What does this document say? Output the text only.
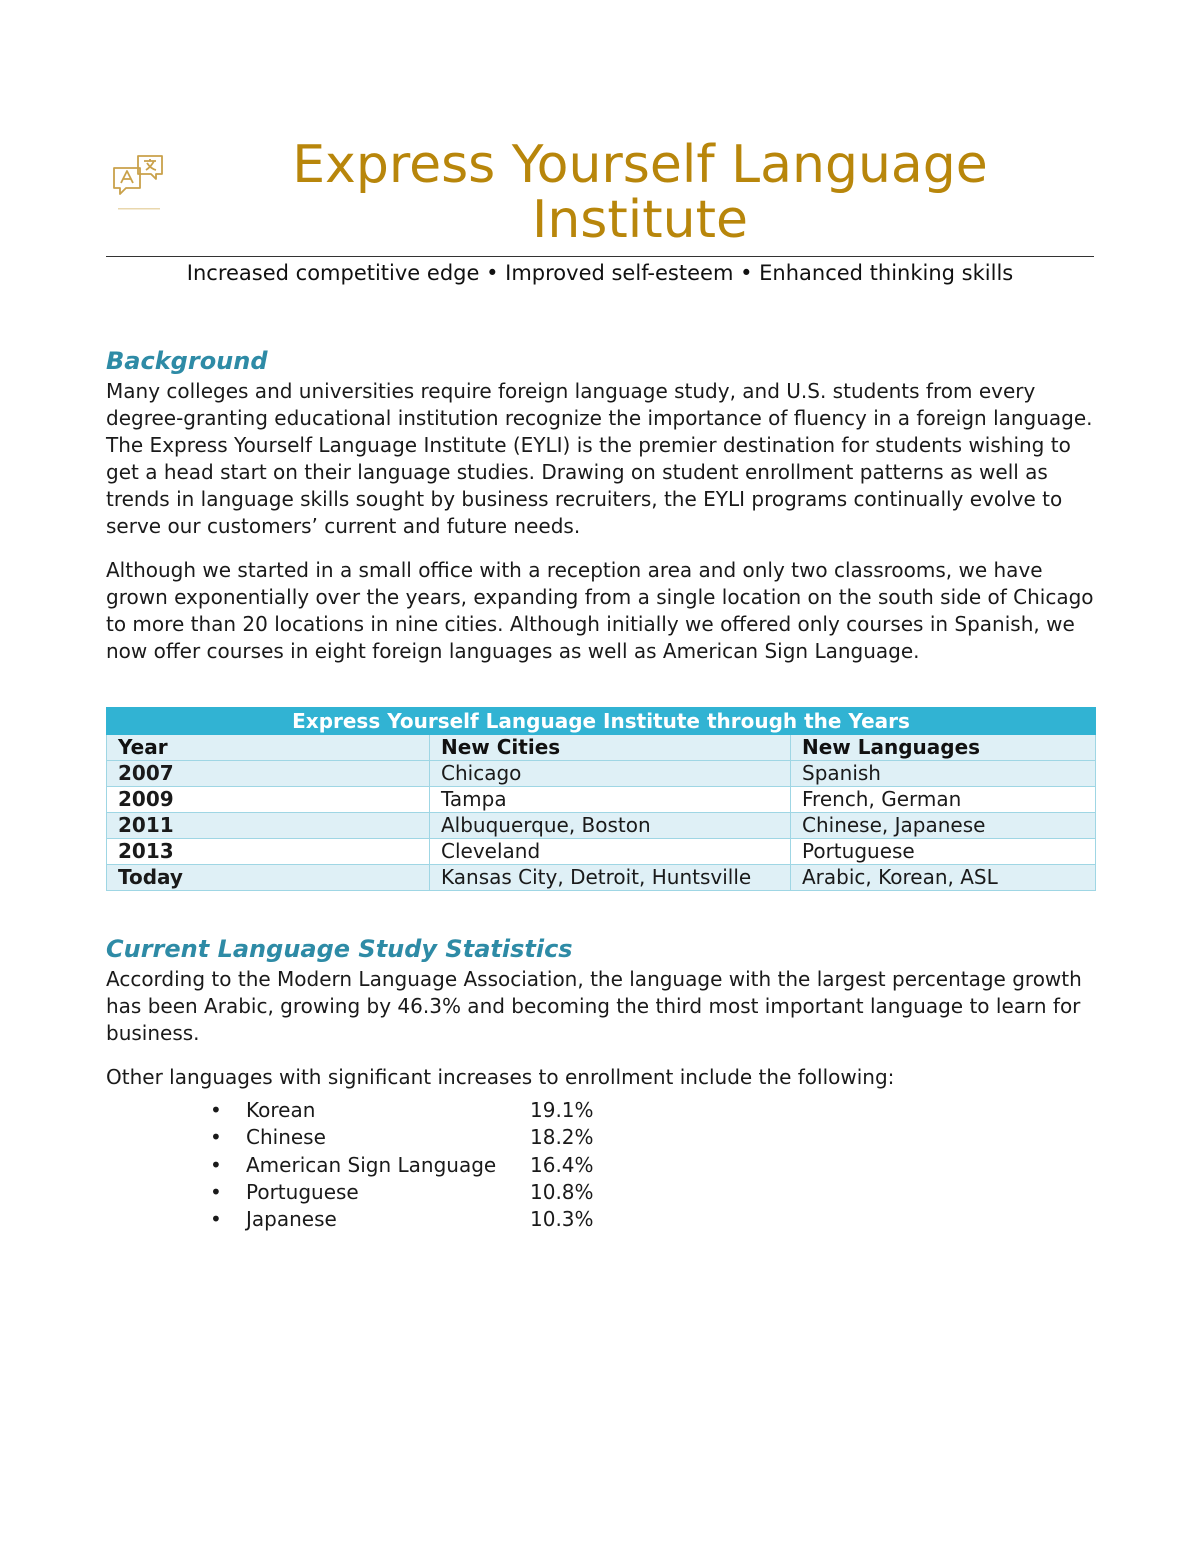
Express Yourself Language Institute
Increased competitive edge • Improved self-esteem • Enhanced thinking skills
Background

Many colleges and universities require foreign language study, and U.S. students from every degree-granting educational institution recognize the importance of fluency in a foreign language. The Express Yourself Language Institute (EYLI) is the premier destination for students wishing to get a head start on their language studies. Drawing on student enrollment patterns as well as trends in language skills sought by business recruiters, the EYLI programs continually evolve to serve our customers’ current and future needs.

Although we started in a small office with a reception area and only two classrooms, we have grown exponentially over the years, expanding from a single location on the south side of Chicago to more than 20 locations in nine cities. Although initially we offered only courses in Spanish, we now offer courses in eight foreign languages as well as American Sign Language.

Express Yourself Language Institute through the Years		
Year	New Cities	New Languages
2007	Chicago	Spanish
2009	Tampa	French, German
2011	Albuquerque, Boston	Chinese, Japanese
2013	Cleveland	Portuguese
Today	Kansas City, Detroit, Huntsville	Arabic, Korean, ASL
Current Language Study Statistics

According to the Modern Language Association, the language with the largest percentage growth has been Arabic, growing by 46.3% and becoming the third most important language to learn for business.

Other languages with significant increases to enrollment include the following:

•	Korean	19.1%
•	Chinese	18.2%
•	American Sign Language 16.4%
•	Portuguese	10.8%
•	Japanese	10.3%
